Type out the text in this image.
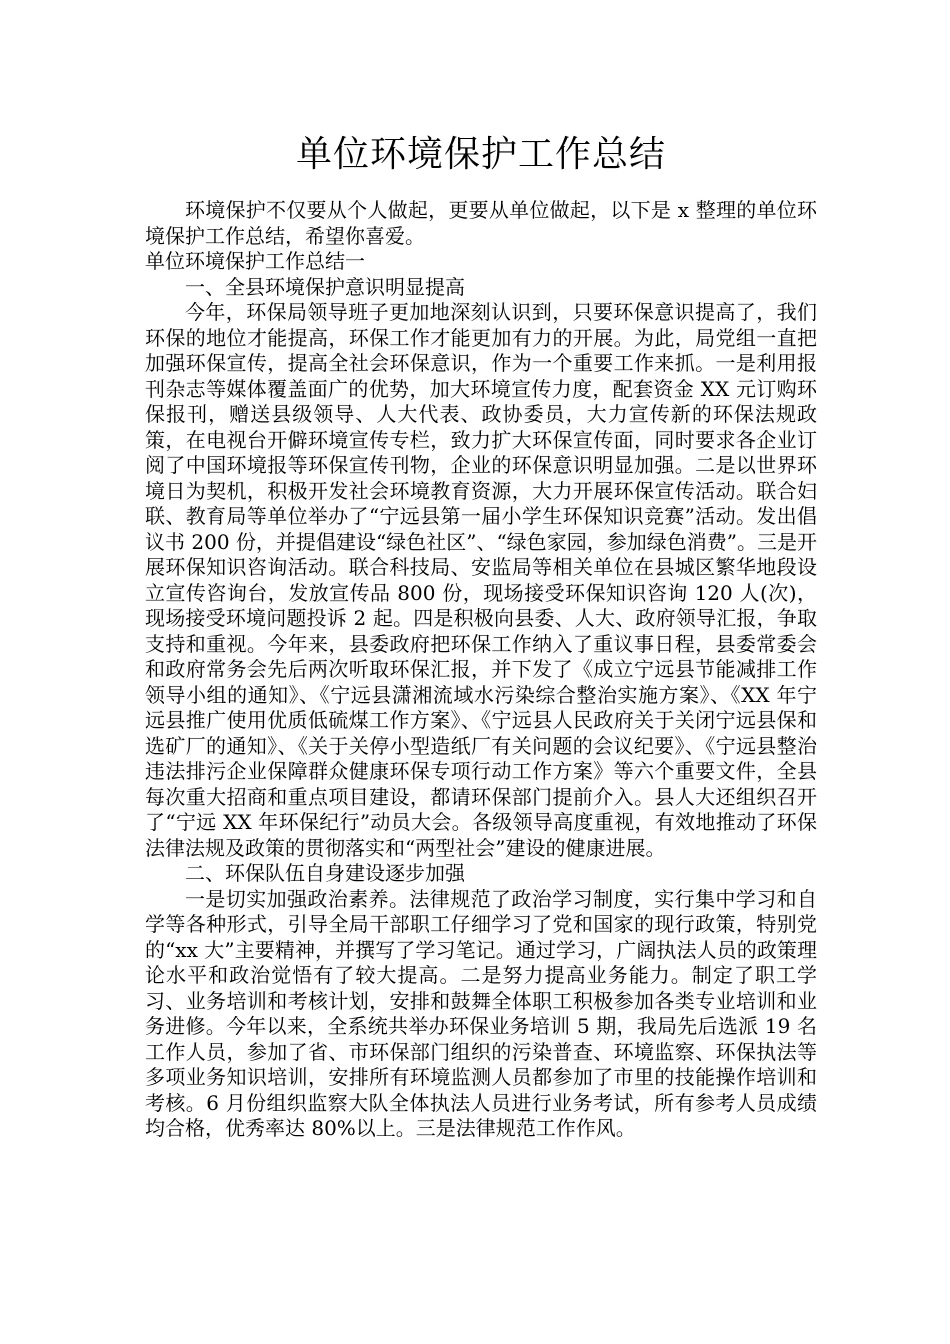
单位环境保护工作总结

环境保护不仅要从个人做起，更要从单位做起，以下是 x 整理的单位环境保护工作总结，希望你喜爱。

单位环境保护工作总结一

一、全县环境保护意识明显提高

今年，环保局领导班子更加地深刻认识到，只要环保意识提高了，我们环保的地位才能提高，环保工作才能更加有力的开展。为此，局党组一直把加强环保宣传，提高全社会环保意识，作为一个重要工作来抓。一是利用报刊杂志等媒体覆盖面广的优势，加大环境宣传力度，配套资金 XX 元订购环保报刊，赠送县级领导、人大代表、政协委员，大力宣传新的环保法规政策，在电视台开僻环境宣传专栏，致力扩大环保宣传面，同时要求各企业订阅了中国环境报等环保宣传刊物，企业的环保意识明显加强。二是以世界环境日为契机，积极开发社会环境教育资源，大力开展环保宣传活动。联合妇联、教育局等单位举办了“宁远县第一届小学生环保知识竞赛”活动。发出倡议书 200 份，并提倡建设“绿色社区”、“绿色家园，参加绿色消费”。三是开展环保知识咨询活动。联合科技局、安监局等相关单位在县城区繁华地段设立宣传咨询台，发放宣传品 800 份，现场接受环保知识咨询 120 人(次)，现场接受环境问题投诉 2 起。四是积极向县委、人大、政府领导汇报，争取支持和重视。今年来，县委政府把环保工作纳入了重议事日程，县委常委会和政府常务会先后两次听取环保汇报，并下发了《成立宁远县节能减排工作领导小组的通知》、《宁远县潇湘流域水污染综合整治实施方案》、《XX 年宁远县推广使用优质低硫煤工作方案》、《宁远县人民政府关于关闭宁远县保和选矿厂的通知》、《关于关停小型造纸厂有关问题的会议纪要》、《宁远县整治违法排污企业保障群众健康环保专项行动工作方案》等六个重要文件，全县每次重大招商和重点项目建设，都请环保部门提前介入。县人大还组织召开了“宁远 XX 年环保纪行”动员大会。各级领导高度重视，有效地推动了环保法律法规及政策的贯彻落实和“两型社会”建设的健康进展。

二、环保队伍自身建设逐步加强

一是切实加强政治素养。法律规范了政治学习制度，实行集中学习和自学等各种形式，引导全局干部职工仔细学习了党和国家的现行政策，特别党的“xx 大”主要精神，并撰写了学习笔记。通过学习，广阔执法人员的政策理论水平和政治觉悟有了较大提高。二是努力提高业务能力。制定了职工学习、业务培训和考核计划，安排和鼓舞全体职工积极参加各类专业培训和业务进修。今年以来，全系统共举办环保业务培训 5 期，我局先后选派 19 名工作人员，参加了省、市环保部门组织的污染普查、环境监察、环保执法等多项业务知识培训，安排所有环境监测人员都参加了市里的技能操作培训和考核。6 月份组织监察大队全体执法人员进行业务考试，所有参考人员成绩均合格，优秀率达 80%以上。三是法律规范工作作风。
